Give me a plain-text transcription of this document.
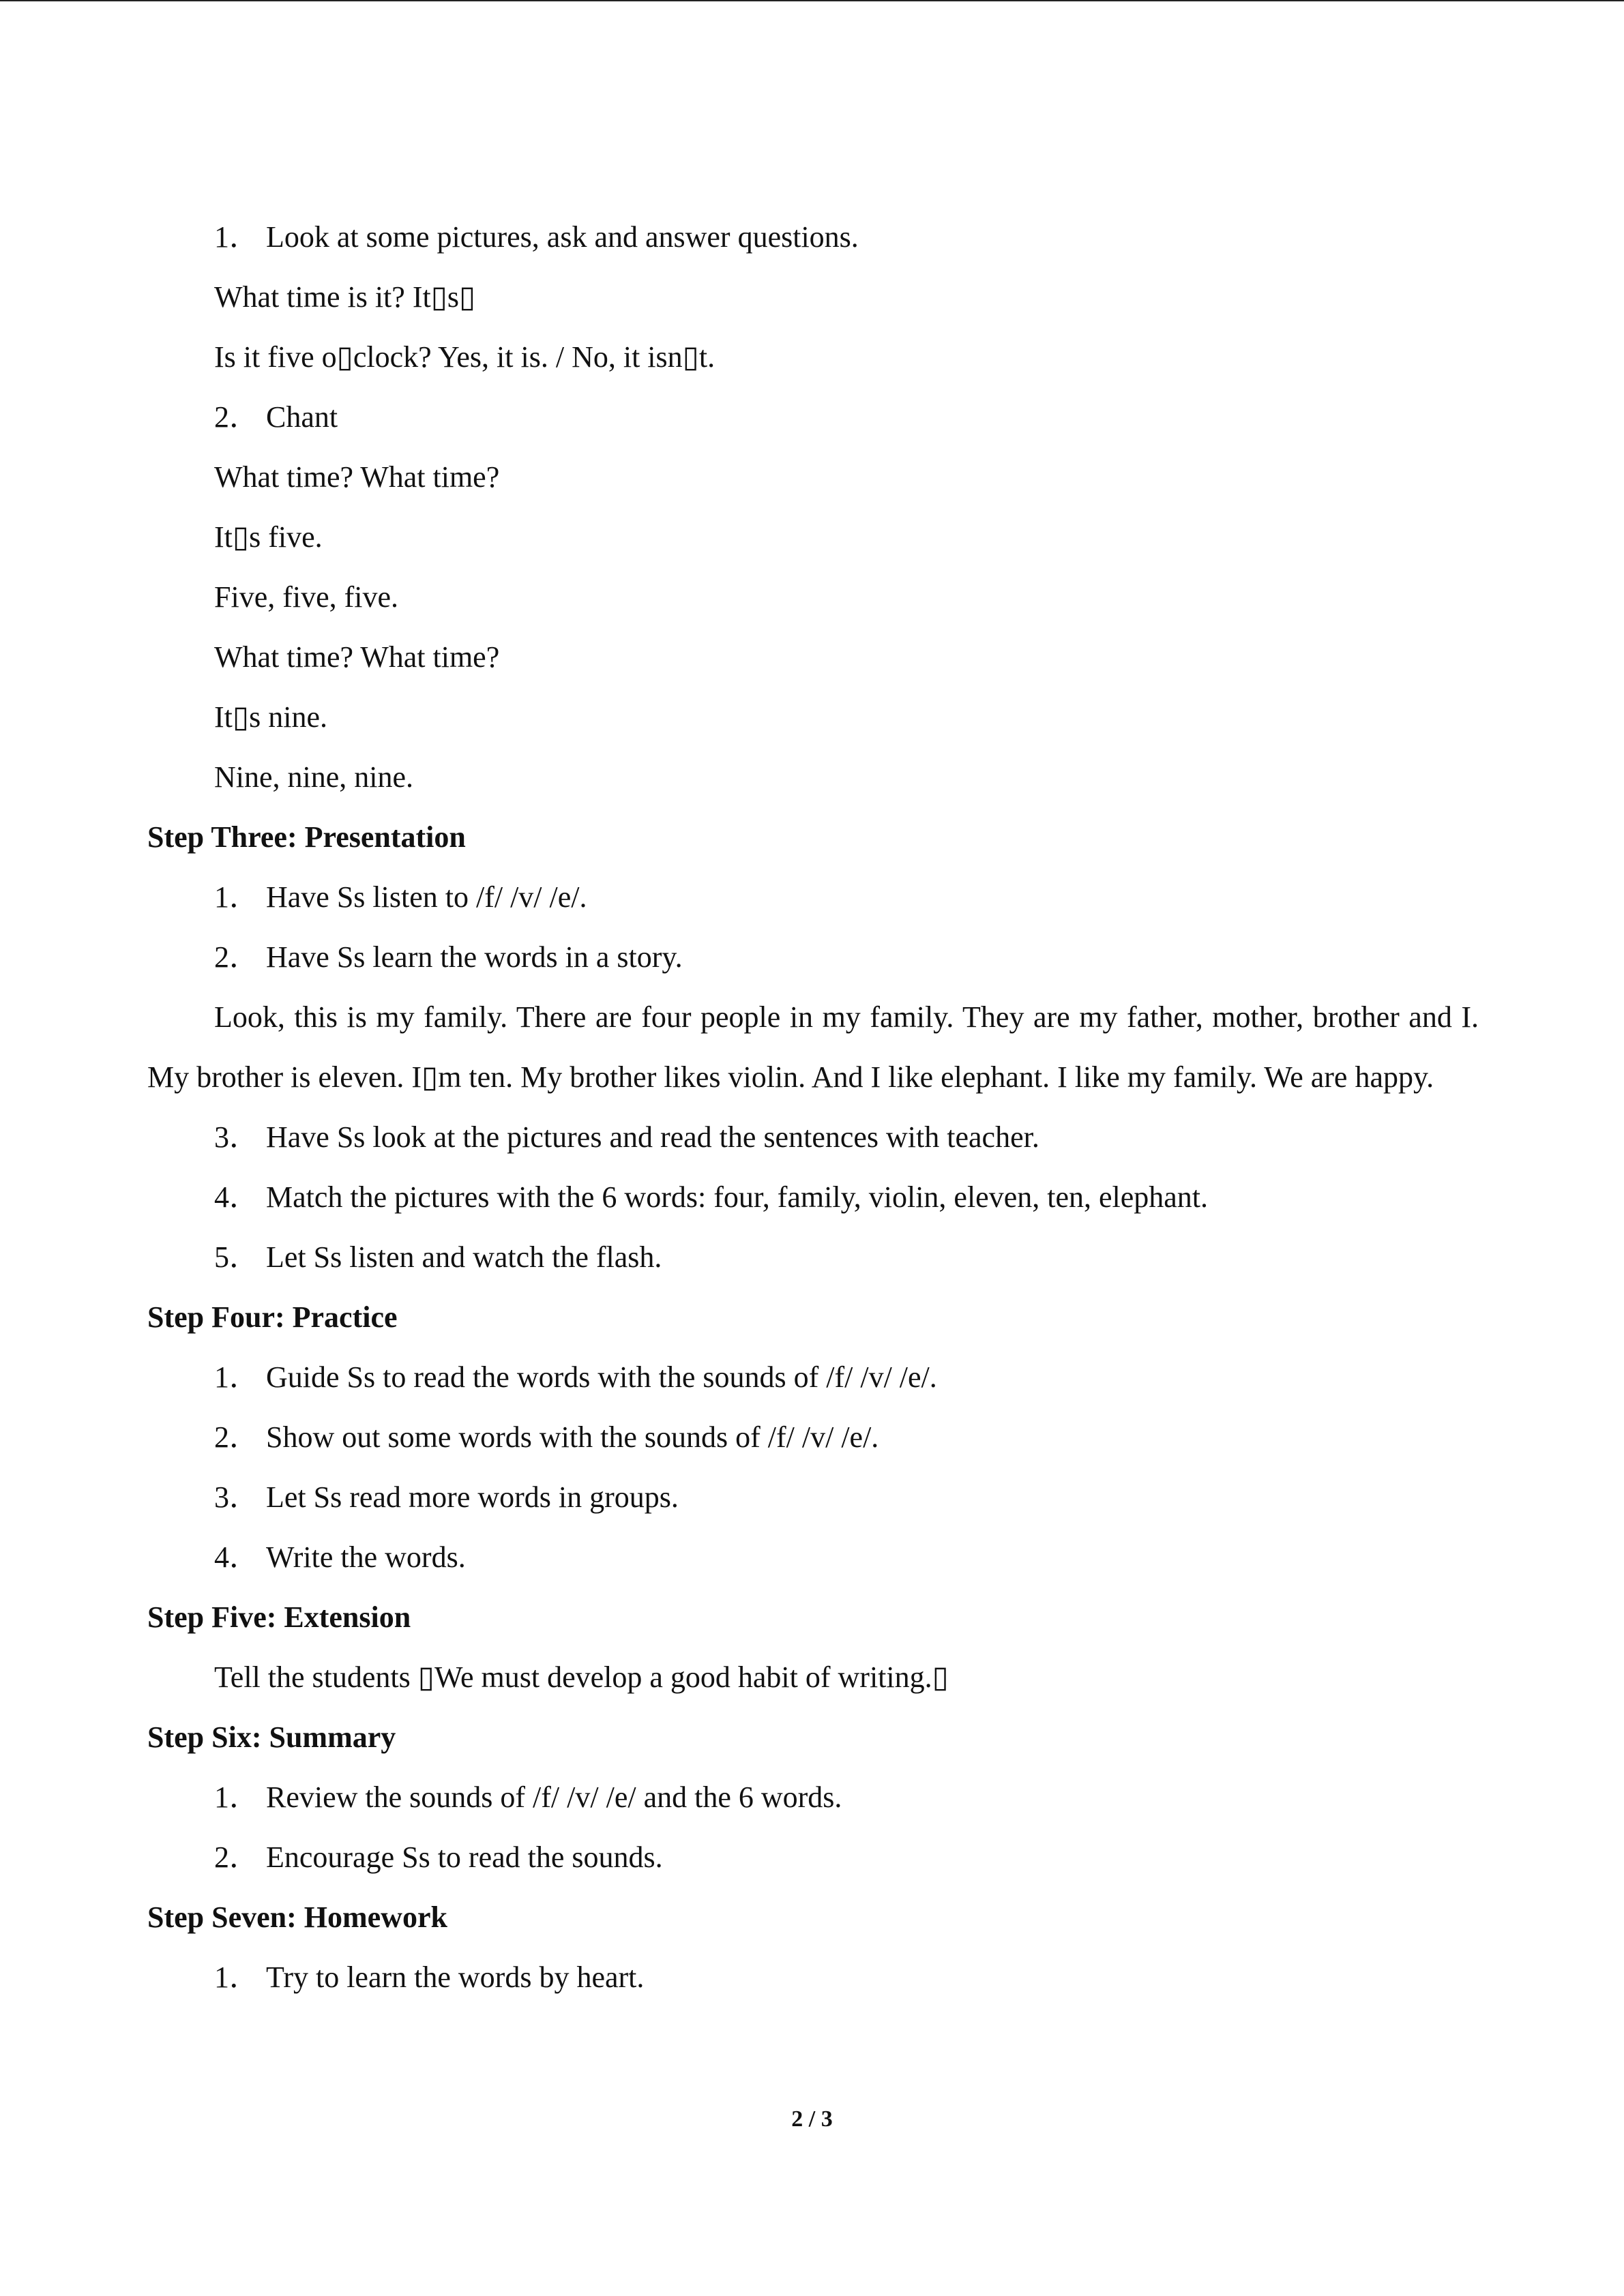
1． Look at some pictures, ask and answer questions.
What time is it? It▯s▯
Is it five o▯clock? Yes, it is. / No, it isn▯t.
2． Chant
What time? What time?
It▯s five.
Five, five, five.
What time? What time?
It▯s nine.
Nine, nine, nine.
Step Three: Presentation
1． Have Ss listen to /f/ /v/ /e/.
2． Have Ss learn the words in a story.
Look, this is my family. There are four people in my family. They are my father, mother, brother and I. My brother is eleven. I▯m ten. My brother likes violin. And I like elephant. I like my family. We are happy.
3． Have Ss look at the pictures and read the sentences with teacher.
4． Match the pictures with the 6 words: four, family, violin, eleven, ten, elephant.
5． Let Ss listen and watch the flash.
Step Four: Practice
1． Guide Ss to read the words with the sounds of /f/ /v/ /e/.
2． Show out some words with the sounds of /f/ /v/ /e/.
3． Let Ss read more words in groups.
4． Write the words.
Step Five: Extension
Tell the students ▯We must develop a good habit of writing.▯
Step Six: Summary
1． Review the sounds of /f/ /v/ /e/ and the 6 words.
2． Encourage Ss to read the sounds.
Step Seven: Homework
1． Try to learn the words by heart.
2 / 3
